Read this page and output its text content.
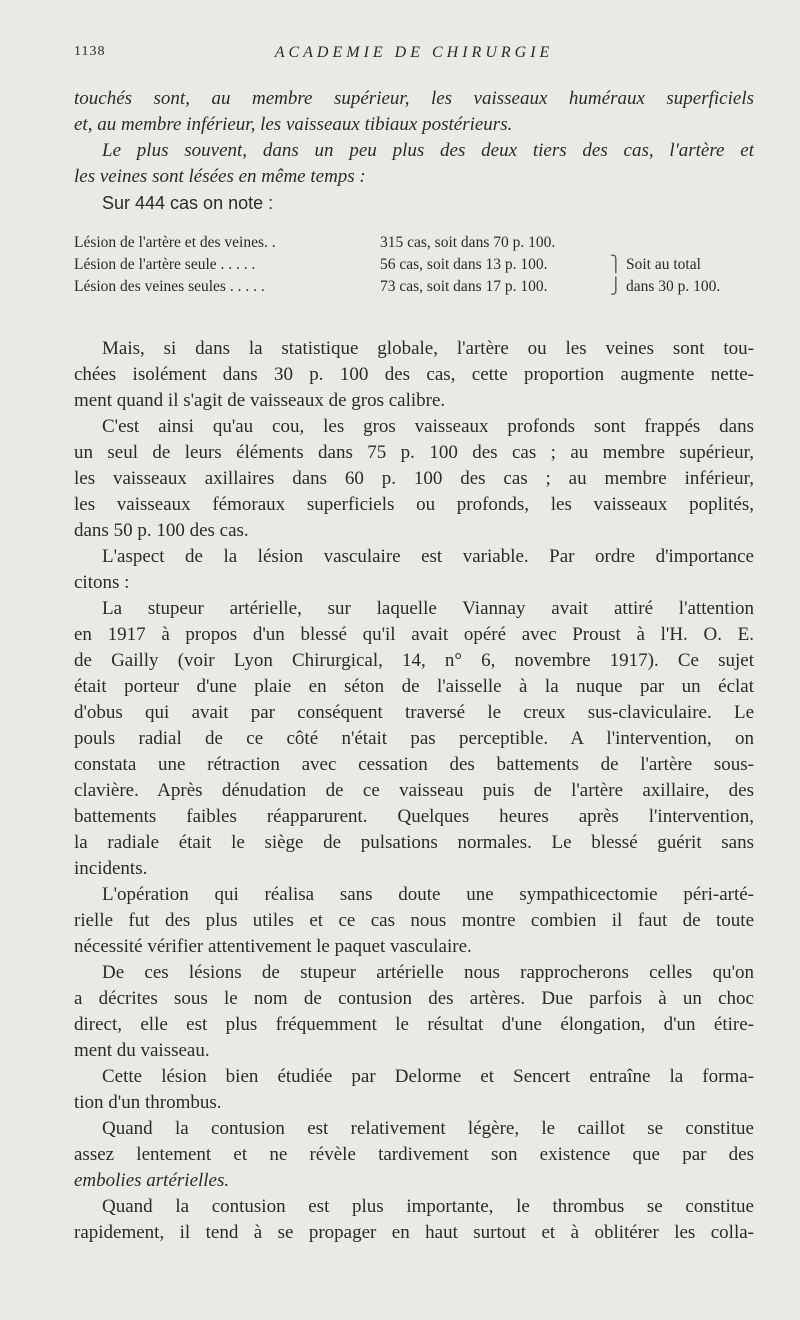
1138	ACADEMIE DE CHIRURGIE
touchés sont, au membre supérieur, les vaisseaux huméraux superficiels
et, au membre inférieur, les vaisseaux tibiaux postérieurs.
Le plus souvent, dans un peu plus des deux tiers des cas, l'artère et
les veines sont lésées en même temps :
Sur 444 cas on note :
Lésion de l'artère et des veines. .	315 cas, soit dans 70 p. 100.
Lésion de l'artère seule . . . . .	56 cas, soit dans 13 p. 100.	⎫ Soit au total
Lésion des veines seules . . . . .	73 cas, soit dans 17 p. 100.	⎭ dans 30 p. 100.
Mais, si dans la statistique globale, l'artère ou les veines sont tou-
chées isolément dans 30 p. 100 des cas, cette proportion augmente nette-
ment quand il s'agit de vaisseaux de gros calibre.
C'est ainsi qu'au cou, les gros vaisseaux profonds sont frappés dans
un seul de leurs éléments dans 75 p. 100 des cas ; au membre supérieur,
les vaisseaux axillaires dans 60 p. 100 des cas ; au membre inférieur,
les vaisseaux fémoraux superficiels ou profonds, les vaisseaux poplités,
dans 50 p. 100 des cas.
L'aspect de la lésion vasculaire est variable. Par ordre d'importance
citons :
La stupeur artérielle, sur laquelle Viannay avait attiré l'attention
en 1917 à propos d'un blessé qu'il avait opéré avec Proust à l'H. O. E.
de Gailly (voir Lyon Chirurgical, 14, n° 6, novembre 1917). Ce sujet
était porteur d'une plaie en séton de l'aisselle à la nuque par un éclat
d'obus qui avait par conséquent traversé le creux sus-claviculaire. Le
pouls radial de ce côté n'était pas perceptible. A l'intervention, on
constata une rétraction avec cessation des battements de l'artère sous-
clavière. Après dénudation de ce vaisseau puis de l'artère axillaire, des
battements faibles réapparurent. Quelques heures après l'intervention,
la radiale était le siège de pulsations normales. Le blessé guérit sans
incidents.
L'opération qui réalisa sans doute une sympathicectomie péri-arté-
rielle fut des plus utiles et ce cas nous montre combien il faut de toute
nécessité vérifier attentivement le paquet vasculaire.
De ces lésions de stupeur artérielle nous rapprocherons celles qu'on
a décrites sous le nom de contusion des artères. Due parfois à un choc
direct, elle est plus fréquemment le résultat d'une élongation, d'un étire-
ment du vaisseau.
Cette lésion bien étudiée par Delorme et Sencert entraîne la forma-
tion d'un thrombus.
Quand la contusion est relativement légère, le caillot se constitue
assez lentement et ne révèle tardivement son existence que par des
embolies artérielles.
Quand la contusion est plus importante, le thrombus se constitue
rapidement, il tend à se propager en haut surtout et à oblitérer les colla-
